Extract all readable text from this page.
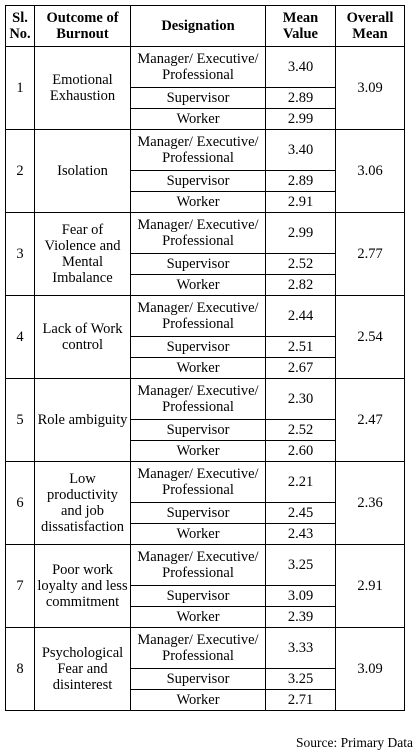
Sl. No.	Outcome of Burnout	Designation	Mean Value	Overall Mean
1	Emotional Exhaustion	Manager/ Executive/ Professional	3.40	3.09
		Supervisor	2.89	
		Worker	2.99	
2	Isolation	Manager/ Executive/ Professional	3.40	3.06
		Supervisor	2.89	
		Worker	2.91	
3	Fear of Violence and Mental Imbalance	Manager/ Executive/ Professional	2.99	2.77
		Supervisor	2.52	
		Worker	2.82	
4	Lack of Work control	Manager/ Executive/ Professional	2.44	2.54
		Supervisor	2.51	
		Worker	2.67	
5	Role ambiguity	Manager/ Executive/ Professional	2.30	2.47
		Supervisor	2.52	
		Worker	2.60	
6	Low productivity and job dissatisfaction	Manager/ Executive/ Professional	2.21	2.36
		Supervisor	2.45	
		Worker	2.43	
7	Poor work loyalty and less commitment	Manager/ Executive/ Professional	3.25	2.91
		Supervisor	3.09	
		Worker	2.39	
8	Psychological Fear and disinterest	Manager/ Executive/ Professional	3.33	3.09
		Supervisor	3.25	
		Worker	2.71	
Source: Primary Data
